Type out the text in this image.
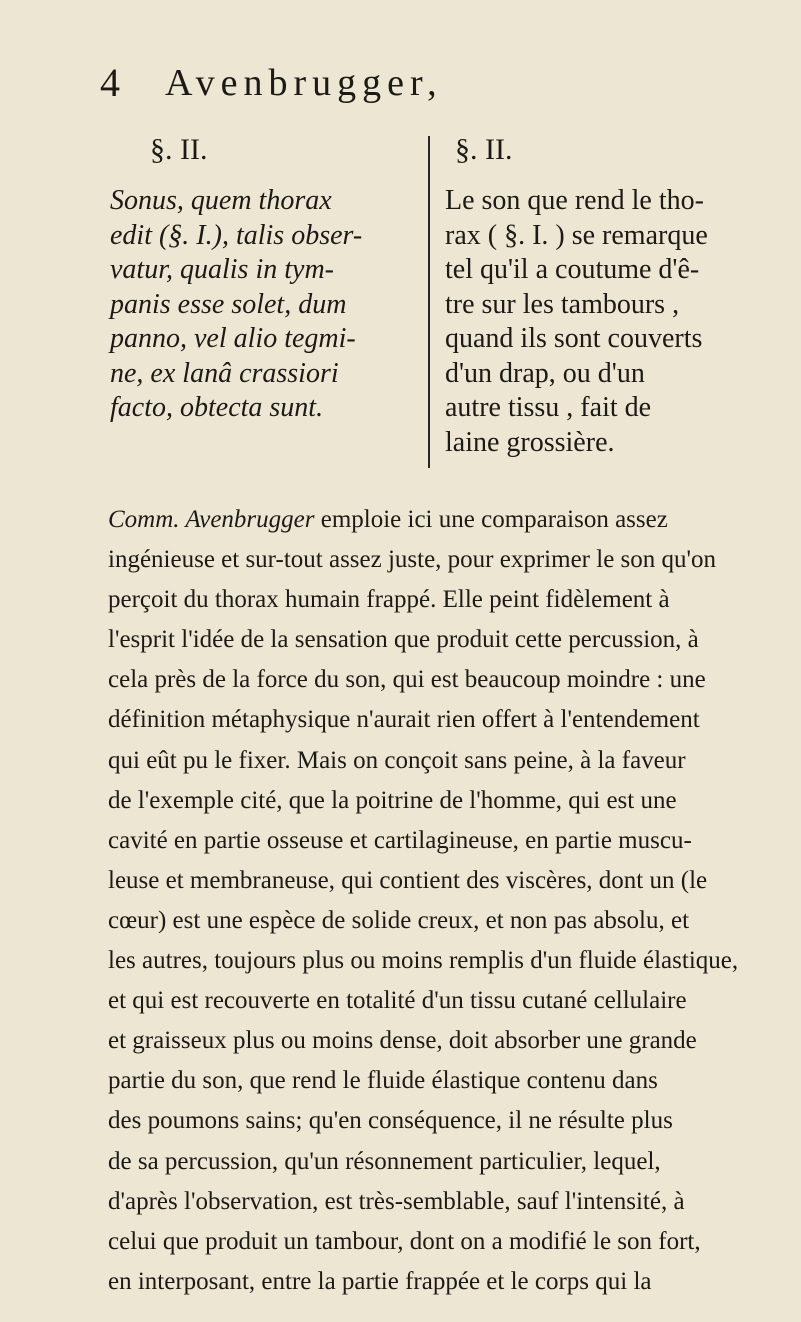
4 Avenbrugger,
§. II.
Sonus, quem thorax
edit (§. I.), talis obser-
vatur, qualis in tym-
panis esse solet, dum
panno, vel alio tegmi-
ne, ex lanâ crassiori
facto, obtecta sunt.
§. II.
Le son que rend le tho-
rax ( §. I. ) se remarque
tel qu'il a coutume d'ê-
tre sur les tambours ,
quand ils sont couverts
d'un drap, ou d'un
autre tissu , fait de
laine grossière.
Comm. Avenbrugger emploie ici une comparaison assez
ingénieuse et sur-tout assez juste, pour exprimer le son qu'on
perçoit du thorax humain frappé. Elle peint fidèlement à
l'esprit l'idée de la sensation que produit cette percussion, à
cela près de la force du son, qui est beaucoup moindre : une
définition métaphysique n'aurait rien offert à l'entendement
qui eût pu le fixer. Mais on conçoit sans peine, à la faveur
de l'exemple cité, que la poitrine de l'homme, qui est une
cavité en partie osseuse et cartilagineuse, en partie muscu-
leuse et membraneuse, qui contient des viscères, dont un (le
cœur) est une espèce de solide creux, et non pas absolu, et
les autres, toujours plus ou moins remplis d'un fluide élastique,
et qui est recouverte en totalité d'un tissu cutané cellulaire
et graisseux plus ou moins dense, doit absorber une grande
partie du son, que rend le fluide élastique contenu dans
des poumons sains; qu'en conséquence, il ne résulte plus
de sa percussion, qu'un résonnement particulier, lequel,
d'après l'observation, est très-semblable, sauf l'intensité, à
celui que produit un tambour, dont on a modifié le son fort,
en interposant, entre la partie frappée et le corps qui la
